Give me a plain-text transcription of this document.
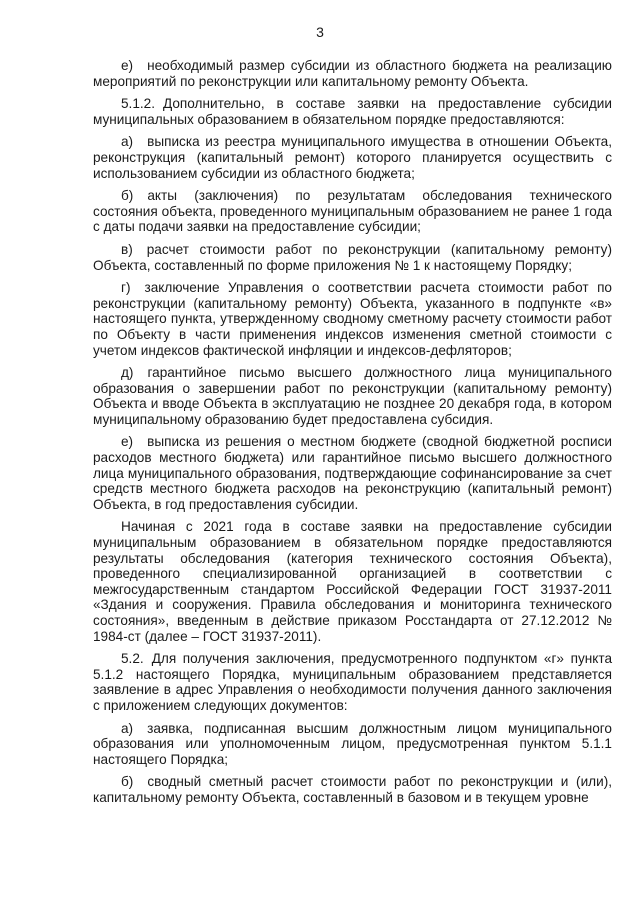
3

е) необходимый размер субсидии из областного бюджета на реализацию мероприятий по реконструкции или капитальному ремонту Объекта.

5.1.2. Дополнительно, в составе заявки на предоставление субсидии муниципальных образованием в обязательном порядке предоставляются:

а) выписка из реестра муниципального имущества в отношении Объекта, реконструкция (капитальный ремонт) которого планируется осуществить с использованием субсидии из областного бюджета;

б) акты (заключения) по результатам обследования технического состояния объекта, проведенного муниципальным образованием не ранее 1 года с даты подачи заявки на предоставление субсидии;

в) расчет стоимости работ по реконструкции (капитальному ремонту) Объекта, составленный по форме приложения № 1 к настоящему Порядку;

г) заключение Управления о соответствии расчета стоимости работ по реконструкции (капитальному ремонту) Объекта, указанного в подпункте «в» настоящего пункта, утвержденному сводному сметному расчету стоимости работ по Объекту в части применения индексов изменения сметной стоимости с учетом индексов фактической инфляции и индексов-дефляторов;

д) гарантийное письмо высшего должностного лица муниципального образования о завершении работ по реконструкции (капитальному ремонту) Объекта и вводе Объекта в эксплуатацию не позднее 20 декабря года, в котором муниципальному образованию будет предоставлена субсидия.

е) выписка из решения о местном бюджете (сводной бюджетной росписи расходов местного бюджета) или гарантийное письмо высшего должностного лица муниципального образования, подтверждающие софинансирование за счет средств местного бюджета расходов на реконструкцию (капитальный ремонт) Объекта, в год предоставления субсидии.

Начиная с 2021 года в составе заявки на предоставление субсидии муниципальным образованием в обязательном порядке предоставляются результаты обследования (категория технического состояния Объекта), проведенного специализированной организацией в соответствии с межгосударственным стандартом Российской Федерации ГОСТ 31937-2011 «Здания и сооружения. Правила обследования и мониторинга технического состояния», введенным в действие приказом Росстандарта от 27.12.2012 № 1984-ст (далее – ГОСТ 31937-2011).

5.2. Для получения заключения, предусмотренного подпунктом «г» пункта 5.1.2 настоящего Порядка, муниципальным образованием представляется заявление в адрес Управления о необходимости получения данного заключения с приложением следующих документов:

а) заявка, подписанная высшим должностным лицом муниципального образования или уполномоченным лицом, предусмотренная пунктом 5.1.1 настоящего Порядка;

б) сводный сметный расчет стоимости работ по реконструкции и (или), капитальному ремонту Объекта, составленный в базовом и в текущем уровне
